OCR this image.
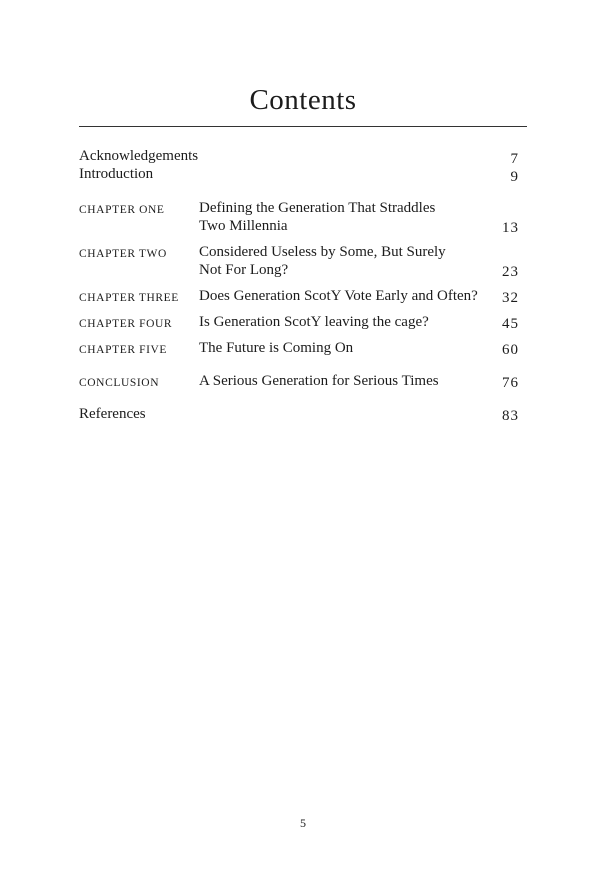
Contents
Acknowledgements	7
Introduction	9
CHAPTER ONE Defining the Generation That Straddles
Two Millennia	13
CHAPTER TWO Considered Useless by Some, But Surely
Not For Long?	23
CHAPTER THREE Does Generation ScotY Vote Early and Often? 32
CHAPTER FOUR Is Generation ScotY leaving the cage?	45
CHAPTER FIVE The Future is Coming On	60
CONCLUSION	A Serious Generation for Serious Times	76
References	83
5
